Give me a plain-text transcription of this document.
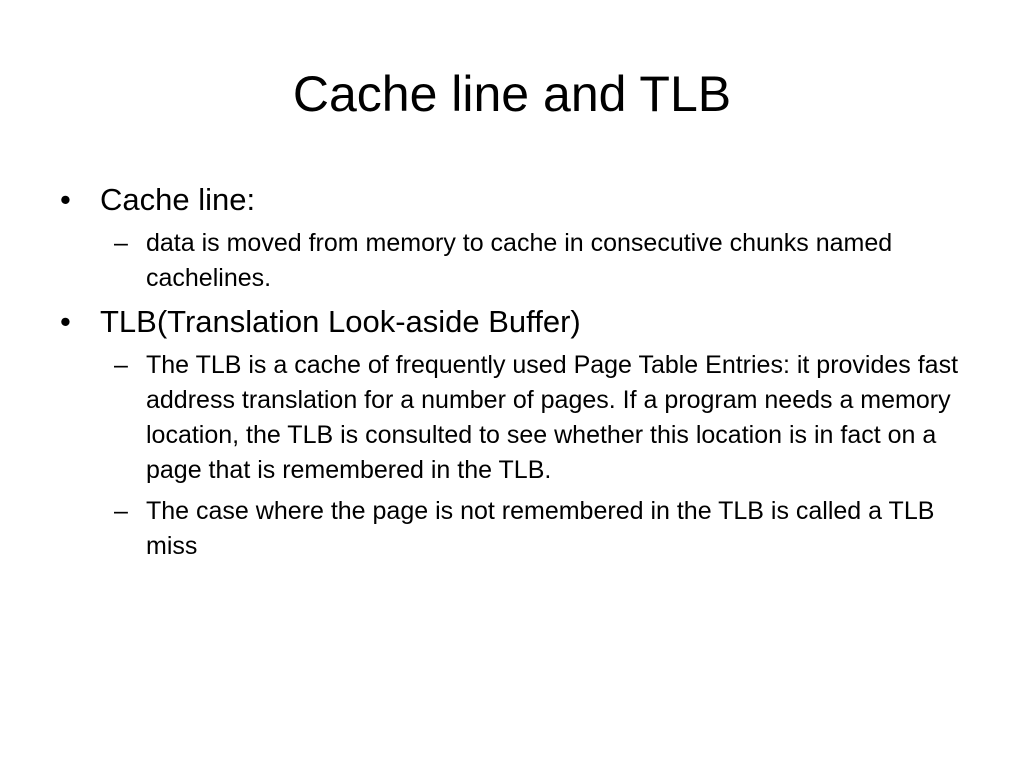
Cache line and TLB
• Cache line:
– data is moved from memory to cache in consecutive chunks named cachelines.
• TLB(Translation Look-aside Buffer)
– The TLB is a cache of frequently used Page Table Entries: it provides fast address translation for a number of pages. If a program needs a memory location, the TLB is consulted to see whether this location is in fact on a page that is remembered in the TLB.
– The case where the page is not remembered in the TLB is called a TLB miss
